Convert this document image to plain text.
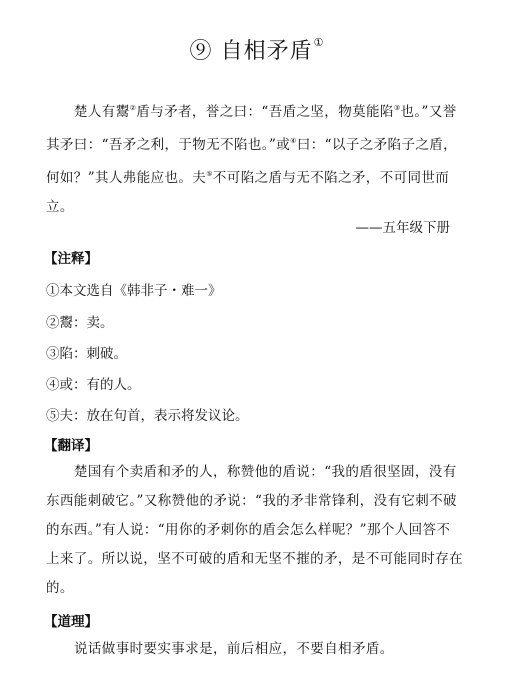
⑨ 自相矛盾①
楚人有鬻②盾与矛者，誉之曰：“吾盾之坚，物莫能陷③也。”又誉
其矛曰：“吾矛之利，于物无不陷也。”或④曰：“以子之矛陷子之盾，
何如？”其人弗能应也。夫⑤不可陷之盾与无不陷之矛，不可同世而
立。
——五年级下册
【注释】
①本文选自《韩非子・难一》
②鬻：卖。
③陷：刺破。
④或：有的人。
⑤夫：放在句首，表示将发议论。
【翻译】
楚国有个卖盾和矛的人，称赞他的盾说：“我的盾很坚固，没有
东西能刺破它。”又称赞他的矛说：“我的矛非常锋利，没有它刺不破
的东西。”有人说：“用你的矛刺你的盾会怎么样呢？”那个人回答不
上来了。所以说，坚不可破的盾和无坚不摧的矛，是不可能同时存在
的。
【道理】
说话做事时要实事求是，前后相应，不要自相矛盾。
